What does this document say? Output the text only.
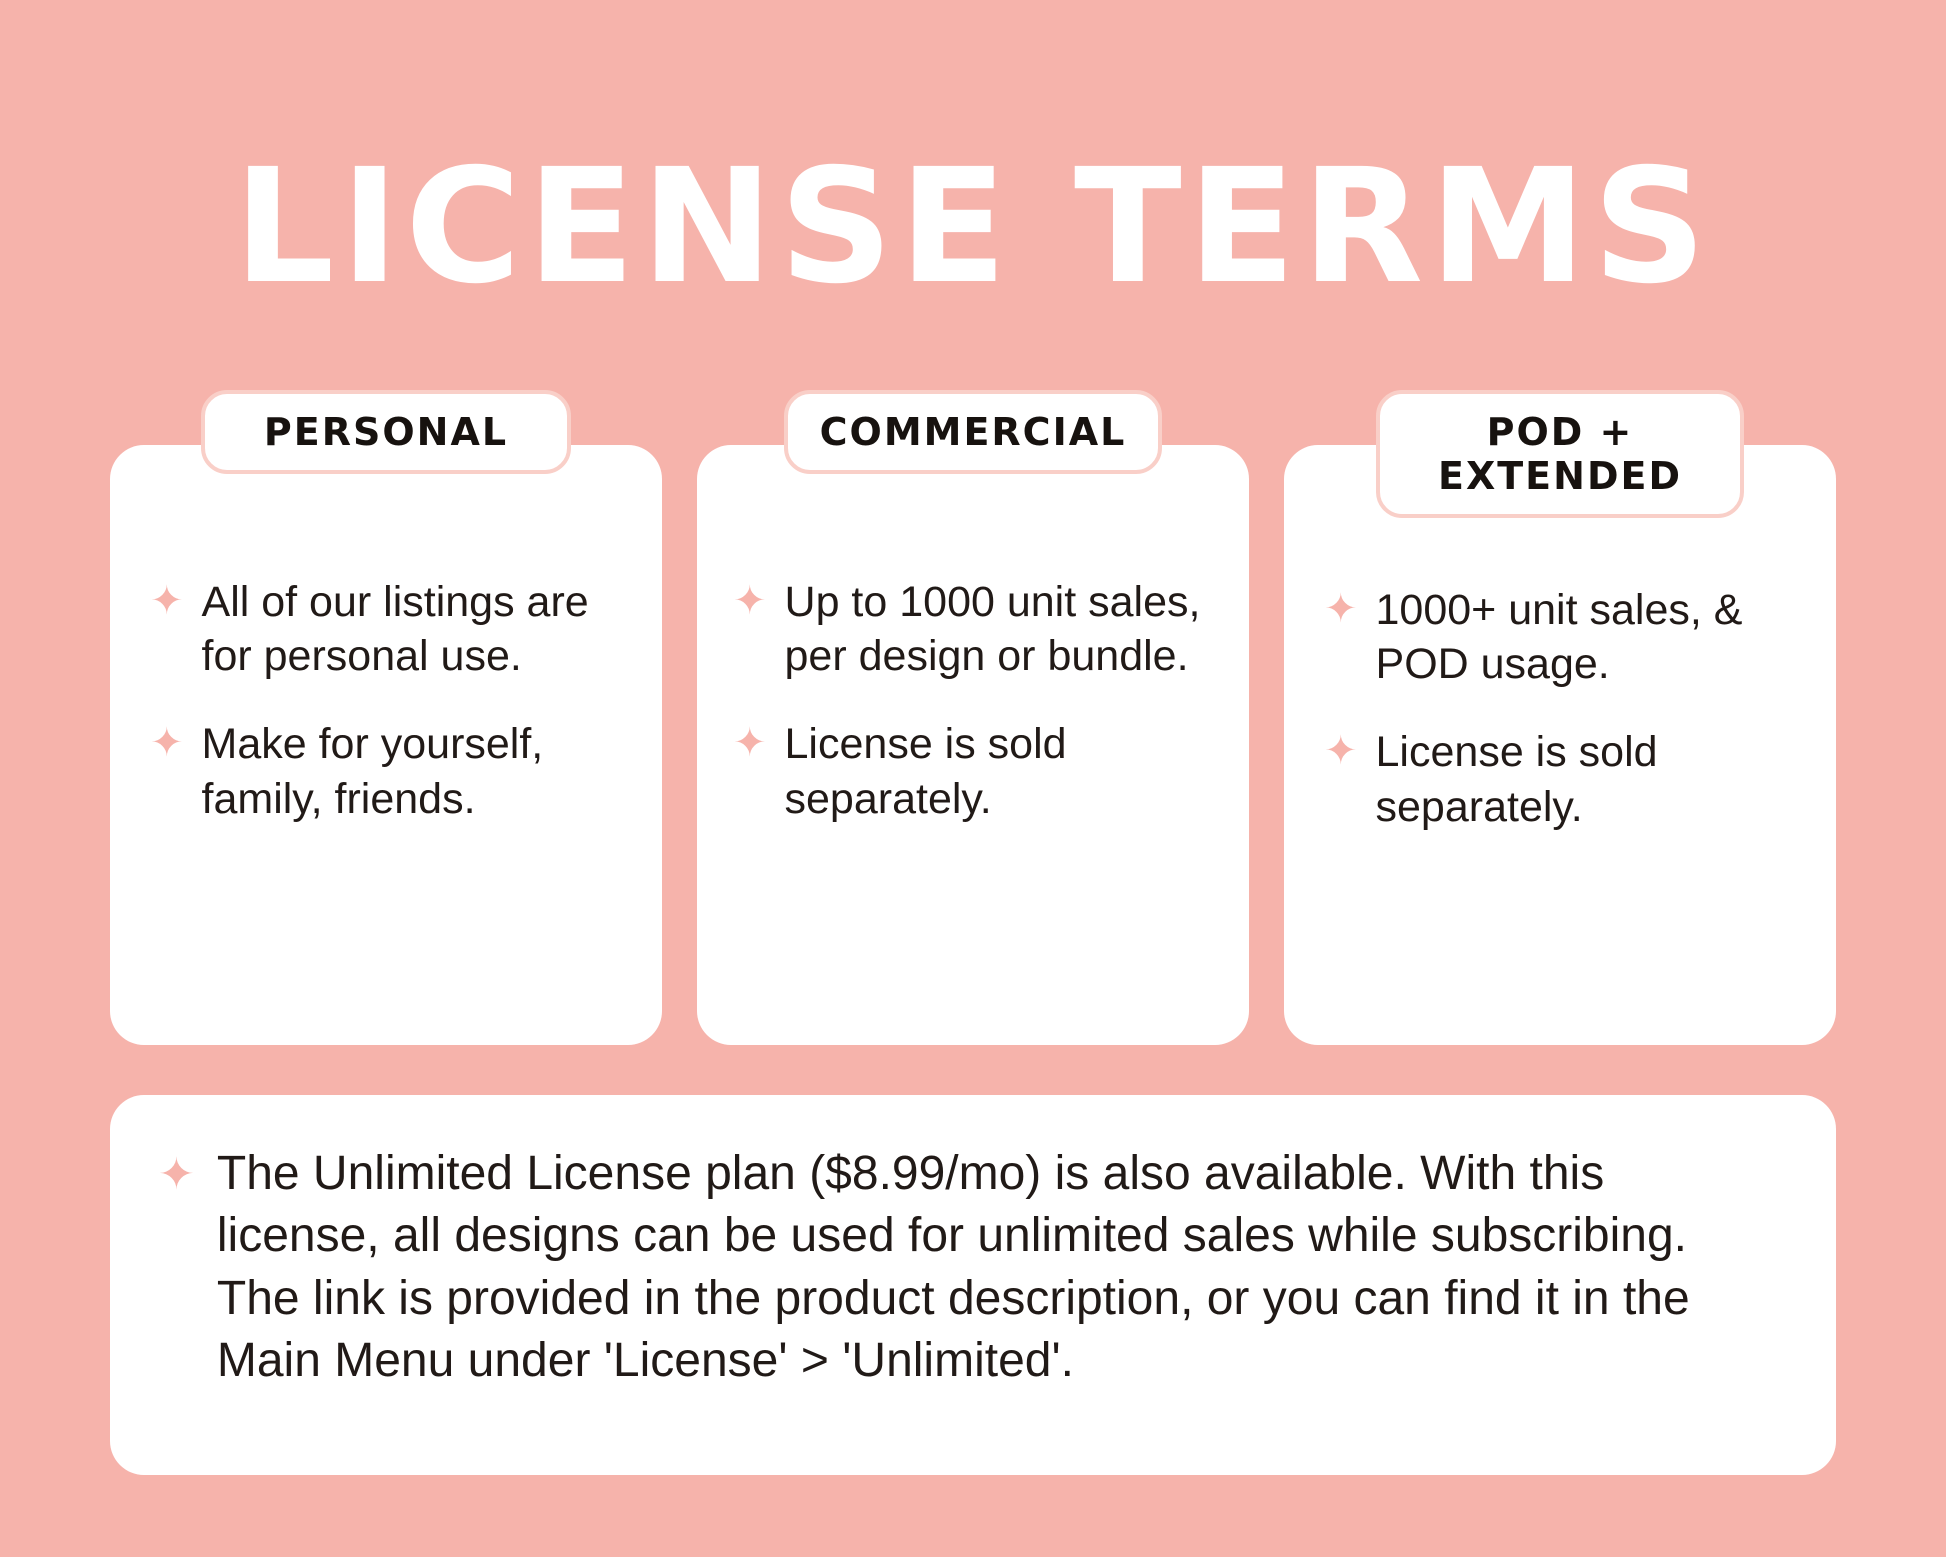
LICENSE TERMS
PERSONAL
✦ All of our listings are for personal use.
✦ Make for yourself, family, friends.
COMMERCIAL
✦ Up to 1000 unit sales, per design or bundle.
✦ License is sold separately.
POD + EXTENDED
✦ 1000+ unit sales, & POD usage.
✦ License is sold separately.
✦ The Unlimited License plan ($8.99/mo) is also available. With this license, all designs can be used for unlimited sales while subscribing. The link is provided in the product description, or you can find it in the Main Menu under 'License' > 'Unlimited'.
